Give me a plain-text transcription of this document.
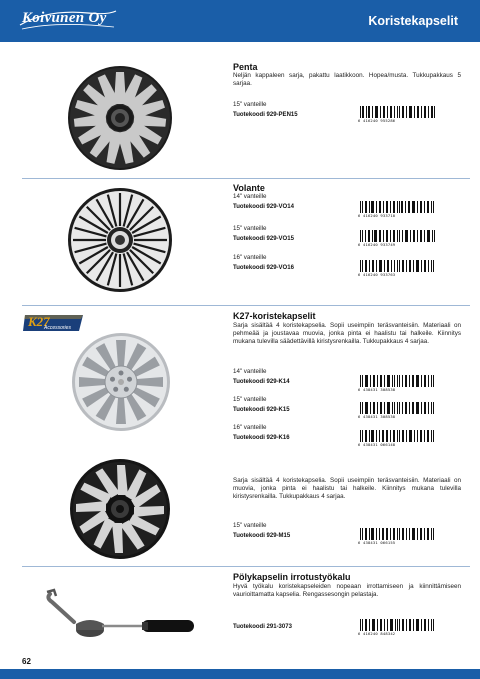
Koivunen Oy	Koristekapselit
Penta
Neljän kappaleen sarja, pakattu laatikkoon. Hopea/musta. Tukkupakkaus 5 sarjaa.
15" vanteille
Tuotekoodi 929-PEN15
6 416240 955286
Volante
14" vanteille
Tuotekoodi 929-VO14
6 416240 933710
15" vanteille
Tuotekoodi 929-VO15
6 416240 933749
16" vanteille
Tuotekoodi 929-VO16
6 416240 933763
K27
Accessories
K27-koristekapselit
Sarja sisältää 4 koristekapselia. Sopii useimpiin teräsvanteisiin. Materiaali on pehmeää ja joustavaa muovia, jonka pinta ei haalistu tai halkeile. Kiinnitys mukana tulevilla säädettävillä kiristysrenkailla. Tukkupakkaus 4 sarjaa.
14" vanteille
Tuotekoodi 929-K14
6 438431 308538
15" vanteille
Tuotekoodi 929-K15
6 438431 308538
16" vanteille
Tuotekoodi 929-K16
6 438431 066148
Sarja sisältää 4 koristekapselia. Sopii useimpiin teräsvanteisiin. Materiaali on muovia, jonka pinta ei haalistu tai halkeile. Kiinnitys mukana tulevilla kiristysrenkailla. Tukkupakkaus 4 sarjaa.
15" vanteille
Tuotekoodi 929-M15
6 438431 066155
Pölykapselin irrotustyökalu
Hyvä työkalu koristekapseleiden nopeaan irrottamiseen ja kiinnittämiseen vaurioittamatta kapselia. Rengassesongin pelastaja.
Tuotekoodi 291-3073
6 416240 848342
62
